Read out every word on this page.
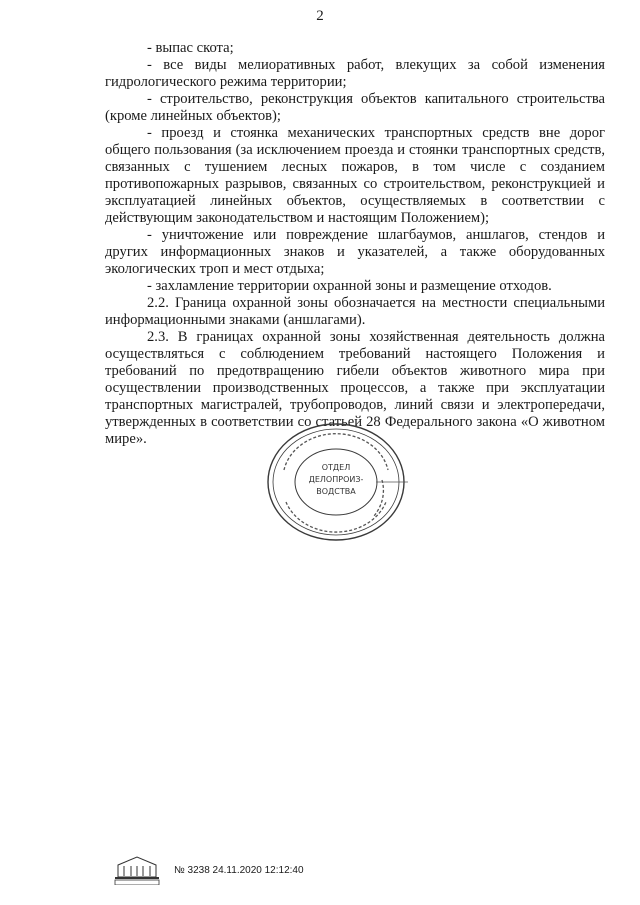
2

- выпас скота;

- все виды мелиоративных работ, влекущих за собой изменения гидрологического режима территории;

- строительство, реконструкция объектов капитального строительства (кроме линейных объектов);

- проезд и стоянка механических транспортных средств вне дорог общего пользования (за исключением проезда и стоянки транспортных средств, связанных с тушением лесных пожаров, в том числе с созданием противопожарных разрывов, связанных со строительством, реконструкцией и эксплуатацией линейных объектов, осуществляемых в соответствии с действующим законодательством и настоящим Положением);

- уничтожение или повреждение шлагбаумов, аншлагов, стендов и других информационных знаков и указателей, а также оборудованных экологических троп и мест отдыха;

- захламление территории охранной зоны и размещение отходов.

2.2. Граница охранной зоны обозначается на местности специальными информационными знаками (аншлагами).

2.3. В границах охранной зоны хозяйственная деятельность должна осуществляться с соблюдением требований настоящего Положения и требований по предотвращению гибели объектов животного мира при осуществлении производственных процессов, а также при эксплуатации транспортных магистралей, трубопроводов, линий связи и электропередачи, утвержденных в соответствии со статьей 28 Федерального закона «О животном мире».

ОТДЕЛ
ДЕЛОПРОИЗ-
ВОДСТВА
№ 3238 24.11.2020 12:12:40
